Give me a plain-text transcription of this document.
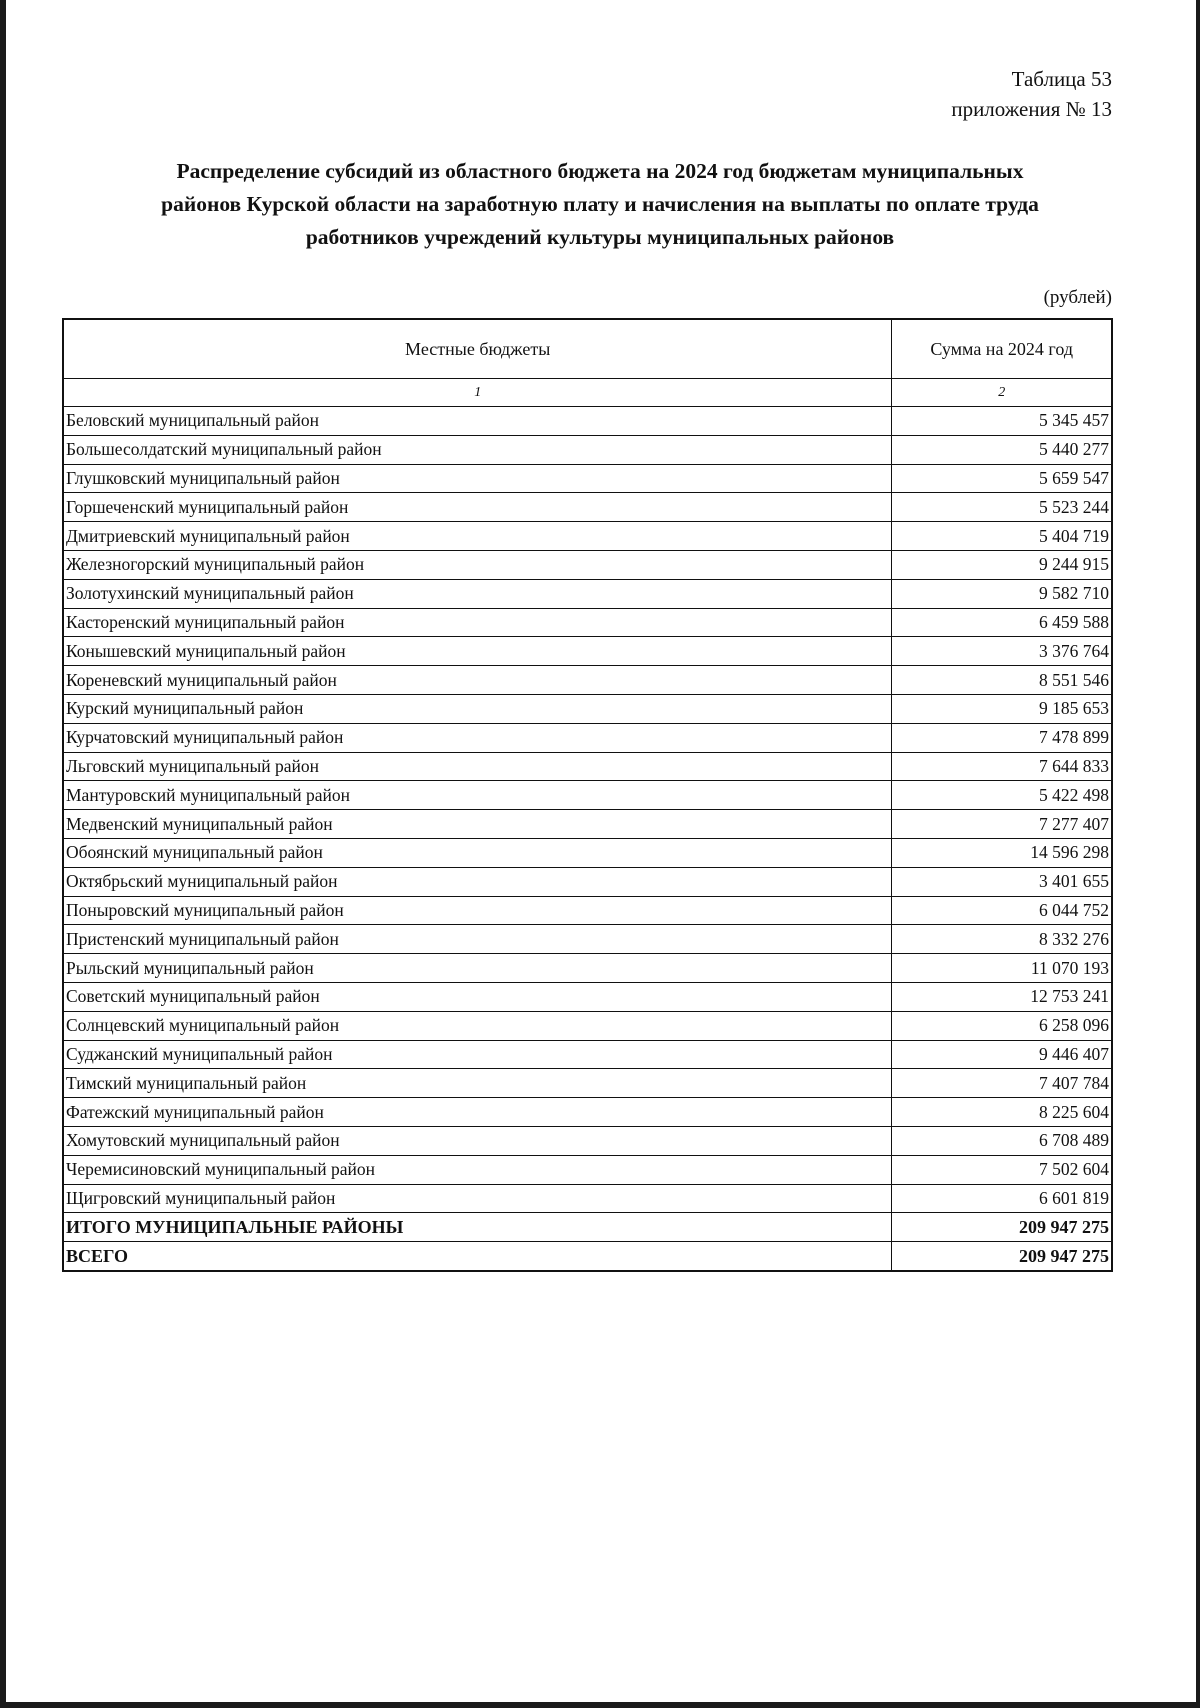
Таблица 53
приложения № 13
Распределение субсидий из областного бюджета на 2024 год бюджетам муниципальных
районов Курской области на заработную плату и начисления на выплаты по оплате труда
работников учреждений культуры муниципальных районов
(рублей)
Местные бюджеты	Сумма на 2024 год
1	2
Беловский муниципальный район	5 345 457
Большесолдатский муниципальный район	5 440 277
Глушковский муниципальный район	5 659 547
Горшеченский муниципальный район	5 523 244
Дмитриевский муниципальный район	5 404 719
Железногорский муниципальный район	9 244 915
Золотухинский муниципальный район	9 582 710
Касторенский муниципальный район	6 459 588
Конышевский муниципальный район	3 376 764
Кореневский муниципальный район	8 551 546
Курский муниципальный район	9 185 653
Курчатовский муниципальный район	7 478 899
Льговский муниципальный район	7 644 833
Мантуровский муниципальный район	5 422 498
Медвенский муниципальный район	7 277 407
Обоянский муниципальный район	14 596 298
Октябрьский муниципальный район	3 401 655
Поныровский муниципальный район	6 044 752
Пристенский муниципальный район	8 332 276
Рыльский муниципальный район	11 070 193
Советский муниципальный район	12 753 241
Солнцевский муниципальный район	6 258 096
Суджанский муниципальный район	9 446 407
Тимский муниципальный район	7 407 784
Фатежский муниципальный район	8 225 604
Хомутовский муниципальный район	6 708 489
Черемисиновский муниципальный район	7 502 604
Щигровский муниципальный район	6 601 819
ИТОГО МУНИЦИПАЛЬНЫЕ РАЙОНЫ	209 947 275
ВСЕГО	209 947 275
